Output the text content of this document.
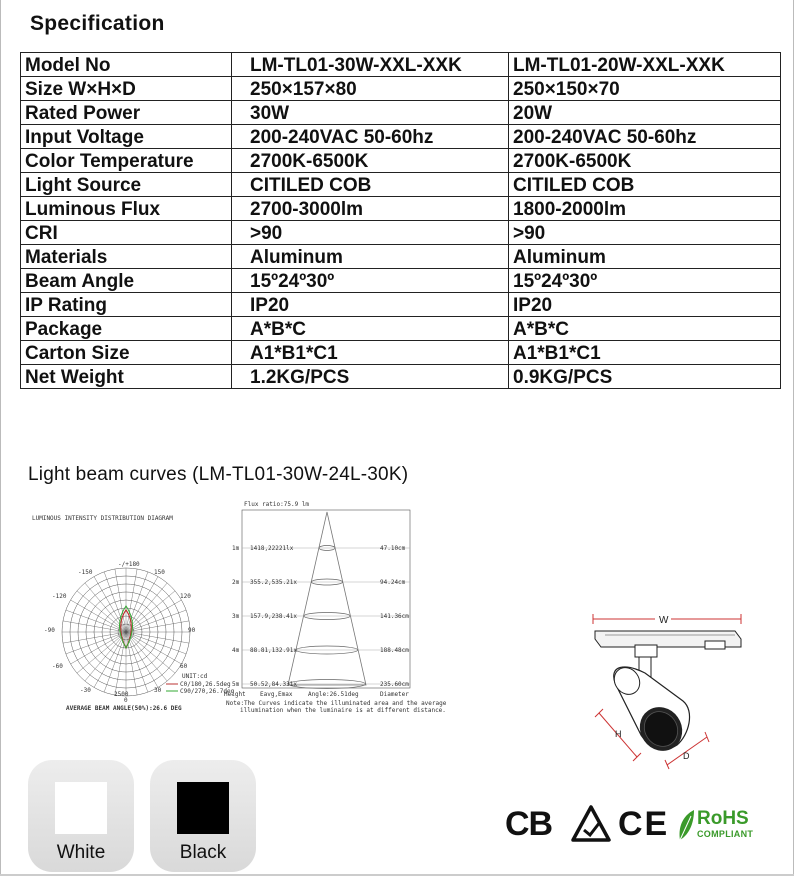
Specification
Model No	LM-TL01-30W-XXL-XXK	LM-TL01-20W-XXL-XXK
Size W×H×D	250×157×80	250×150×70
Rated Power	30W	20W
Input Voltage	200-240VAC 50-60hz	200-240VAC 50-60hz
Color Temperature	2700K-6500K	2700K-6500K
Light Source	CITILED COB	CITILED COB
Luminous Flux	2700-3000lm	1800-2000lm
CRI	>90	>90
Materials	Aluminum	Aluminum
Beam Angle	15º24º30º	15º24º30º
IP Rating	IP20	IP20
Package	A*B*C	A*B*C
Carton Size	A1*B1*C1	A1*B1*C1
Net Weight	1.2KG/PCS	0.9KG/PCS
Light beam curves (LM-TL01-30W-24L-30K)
LUMINOUS INTENSITY DISTRIBUTION DIAGRAM
-/+180
-150	150
-120	120
-90	90
-60	60
-30	30
2500
0
UNIT:cd
C0/180,26.5deg
C90/270,26.7deg
AVERAGE BEAM ANGLE(50%):26.6 DEG
Flux ratio:75.9 lm
1m 1418,22221lx	47.10cm
2m 355.2,535.21x	94.24cm
3m 157.9,238.41x	141.36cm
4m 88.81,132.91x	188.48cm
5m 50.52,84.331x	235.60cm
Height Eavg,Emax	Angle:26.51deg	Diameter
Note:The Curves indicate the illuminated area and the average
illumination when the luminaire is at different distance.
W
H
D
White	Black
CB CE RoHS
COMPLIANT
